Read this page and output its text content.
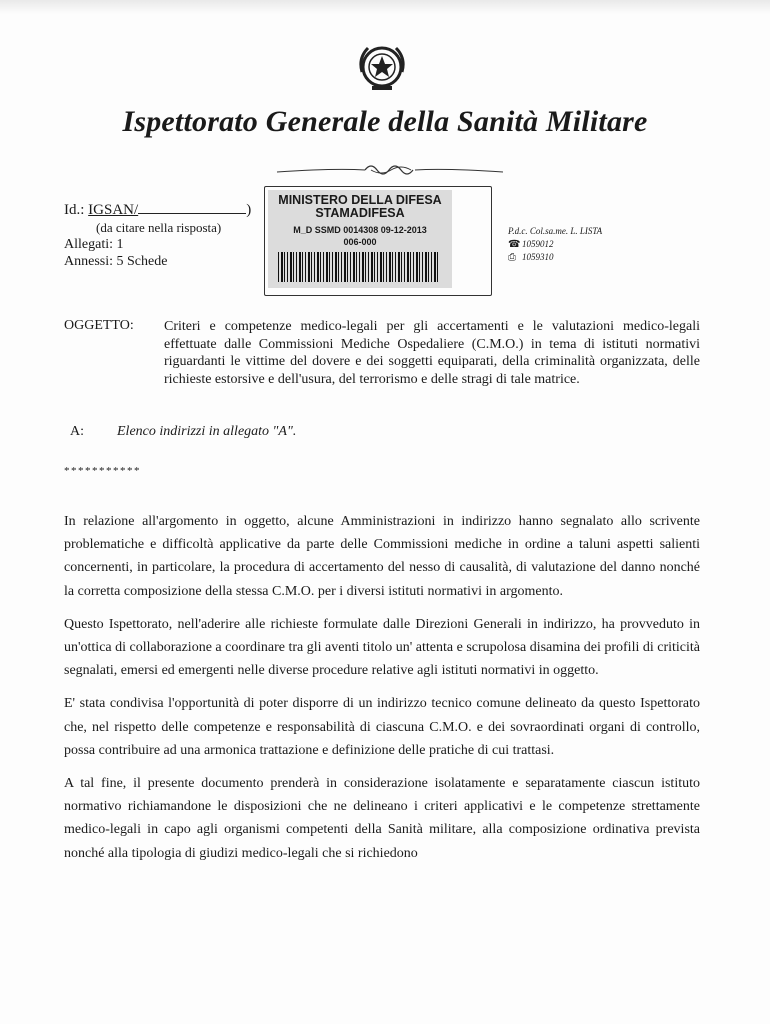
Ispettorato Generale della Sanità Militare
Id.: IGSAN/	)
(da citare nella risposta)
Allegati: 1
Annessi: 5 Schede
MINISTERO DELLA DIFESA
STAMADIFESA
M_D SSMD 0014308 09-12-2013
006-000
P.d.c. Col.sa.me. L. LISTA
☎ 1059012
⎙ 1059310
OGGETTO: Criteri e competenze medico-legali per gli accertamenti e le valutazioni medico-legali effettuate dalle Commissioni Mediche Ospedaliere (C.M.O.) in tema di istituti normativi riguardanti le vittime del dovere e dei soggetti equiparati, della criminalità organizzata, delle richieste estorsive e dell'usura, del terrorismo e delle stragi di tale matrice.
A: Elenco indirizzi in allegato "A".
***********

In relazione all'argomento in oggetto, alcune Amministrazioni in indirizzo hanno segnalato allo scrivente problematiche e difficoltà applicative da parte delle Commissioni mediche in ordine a taluni aspetti salienti concernenti, in particolare, la procedura di accertamento del nesso di causalità, di valutazione del danno nonché la corretta composizione della stessa C.M.O. per i diversi istituti normativi in argomento.

Questo Ispettorato, nell'aderire alle richieste formulate dalle Direzioni Generali in indirizzo, ha provveduto in un'ottica di collaborazione a coordinare tra gli aventi titolo un' attenta e scrupolosa disamina dei profili di criticità segnalati, emersi ed emergenti nelle diverse procedure relative agli istituti normativi in oggetto.

E' stata condivisa l'opportunità di poter disporre di un indirizzo tecnico comune delineato da questo Ispettorato che, nel rispetto delle competenze e responsabilità di ciascuna C.M.O. e dei sovraordinati organi di controllo, possa contribuire ad una armonica trattazione e definizione delle pratiche di cui trattasi.

A tal fine, il presente documento prenderà in considerazione isolatamente e separatamente ciascun istituto normativo richiamandone le disposizioni che ne delineano i criteri applicativi e le competenze strettamente medico-legali in capo agli organismi competenti della Sanità militare, alla composizione ordinativa prevista nonché alla tipologia di giudizi medico-legali che si richiedono
